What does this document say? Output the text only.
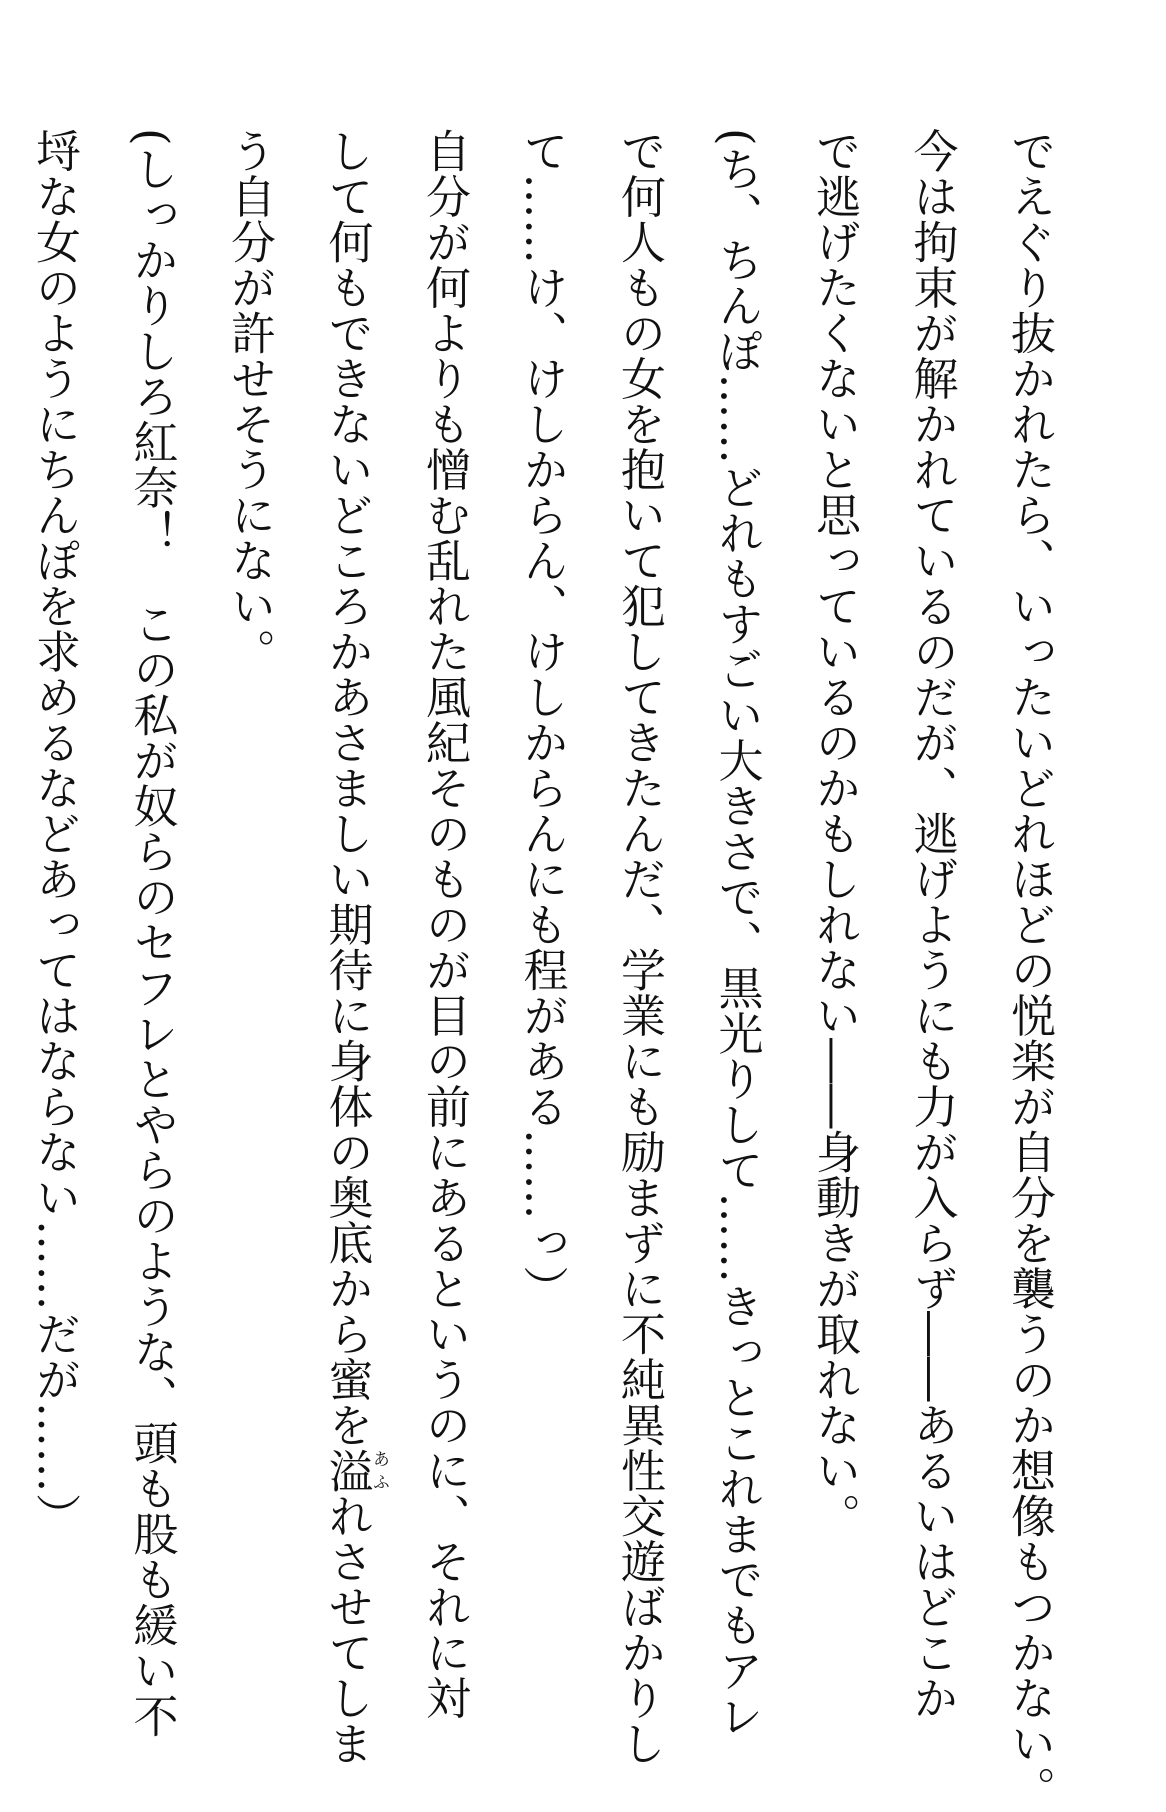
でえぐり抜かれたら、いったいどれほどの悦楽が自分を襲うのか想像もつかない。
今は拘束が解かれているのだが、逃げようにも力が入らず――あるいはどこか
で逃げたくないと思っているのかもしれない――身動きが取れない。
(ち、ちんぽ……どれもすごい大きさで、黒光りして……きっとこれまでもアレ
で何人もの女を抱いて犯してきたんだ、学業にも励まずに不純異性交遊ばかりし
て……け、けしからん、けしからんにも程がある……っ）
自分が何よりも憎む乱れた風紀そのものが目の前にあるというのに、それに対
して何もできないどころかあさましい期待に身体の奥底から蜜を溢あふれさせてしま
う自分が許せそうにない。
(しっかりしろ紅奈！　この私が奴らのセフレとやらのような、頭も股も緩い不
埒な女のようにちんぽを求めるなどあってはならない……だが……）
